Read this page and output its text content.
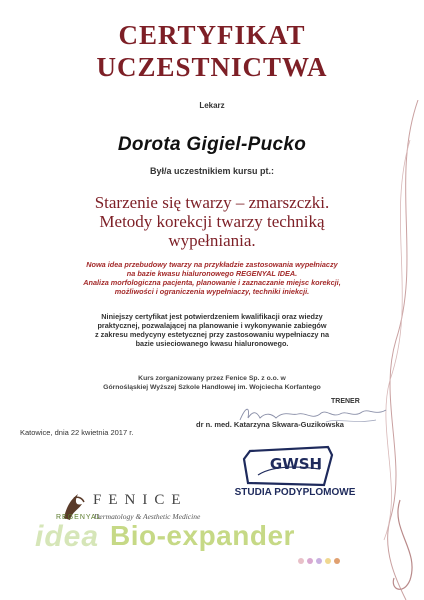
CERTYFIKAT
UCZESTNICTWA
Lekarz
Dorota Gigiel-Pucko
Był/a uczestnikiem kursu pt.:
Starzenie się twarzy – zmarszczki.
Metody korekcji twarzy techniką
wypełniania.
Nowa idea przebudowy twarzy na przykładzie zastosowania wypełniaczy
na bazie kwasu hialuronowego REGENYAL IDEA.
Analiza morfologiczna pacjenta, planowanie i zaznaczanie miejsc korekcji,
możliwości i ograniczenia wypełniaczy, techniki iniekcji.
Niniejszy certyfikat jest potwierdzeniem kwalifikacji oraz wiedzy
praktycznej, pozwalającej na planowanie i wykonywanie zabiegów
z zakresu medycyny estetycznej przy zastosowaniu wypełniaczy na
bazie usieciowanego kwasu hialuronowego.
Kurs zorganizowany przez Fenice Sp. z o.o. w
Górnośląskiej Wyższej Szkole Handlowej im. Wojciecha Korfantego
TRENER
dr n. med. Katarzyna Skwara-Guzikowska
Katowice, dnia 22 kwietnia 2017 r.
FENICE
Dermatology & Aesthetic Medicine
GWSH
STUDIA PODYPLOMOWE
REGENYAL
idea Bio-expander
